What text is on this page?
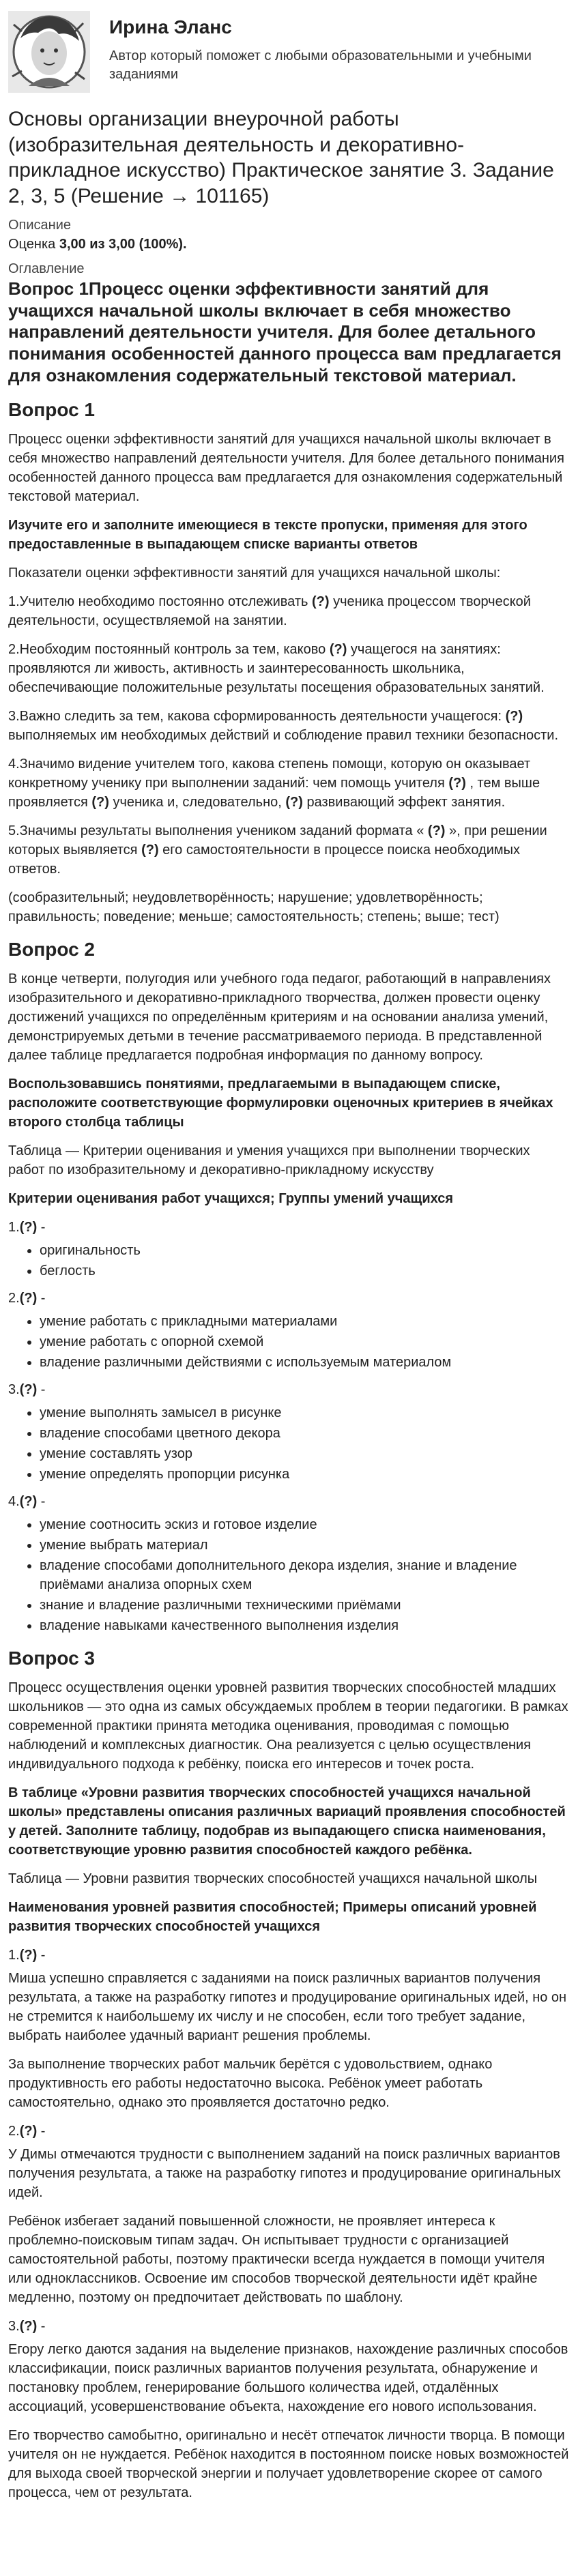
Ирина Эланс
Автор который поможет с любыми образовательными и учебными заданиями
Основы организации внеурочной работы (изобразительная деятельность и декоративно-прикладное искусство) Практическое занятие 3. Задание 2, 3, 5 (Решение → 101165)
Описание
Оценка 3,00 из 3,00 (100%).
Оглавление
Вопрос 1Процесс оценки эффективности занятий для учащихся начальной школы включает в себя множество направлений деятельности учителя. Для более детального понимания особенностей данного процесса вам предлагается для ознакомления содержательный текстовой материал.
Вопрос 1

Процесс оценки эффективности занятий для учащихся начальной школы включает в себя множество направлений деятельности учителя. Для более детального понимания особенностей данного процесса вам предлагается для ознакомления содержательный текстовой материал.

Изучите его и заполните имеющиеся в тексте пропуски, применяя для этого предоставленные в выпадающем списке варианты ответов

Показатели оценки эффективности занятий для учащихся начальной школы:

1.Учителю необходимо постоянно отслеживать (?) ученика процессом творческой деятельности, осуществляемой на занятии.

2.Необходим постоянный контроль за тем, каково (?) учащегося на занятиях: проявляются ли живость, активность и заинтересованность школьника, обеспечивающие положительные результаты посещения образовательных занятий.

3.Важно следить за тем, какова сформированность деятельности учащегося: (?) выполняемых им необходимых действий и соблюдение правил техники безопасности.

4.Значимо видение учителем того, какова степень помощи, которую он оказывает конкретному ученику при выполнении заданий: чем помощь учителя (?) , тем выше проявляется (?) ученика и, следовательно, (?) развивающий эффект занятия.

5.Значимы результаты выполнения учеником заданий формата « (?) », при решении которых выявляется (?) его самостоятельности в процессе поиска необходимых ответов.

(сообразительный; неудовлетворённость; нарушение; удовлетворённость; правильность; поведение; меньше; самостоятельность; степень; выше; тест)

Вопрос 2

В конце четверти, полугодия или учебного года педагог, работающий в направлениях изобразительного и декоративно-прикладного творчества, должен провести оценку достижений учащихся по определённым критериям и на основании анализа умений, демонстрируемых детьми в течение рассматриваемого периода. В представленной далее таблице предлагается подробная информация по данному вопросу.

Воспользовавшись понятиями, предлагаемыми в выпадающем списке, расположите соответствующие формулировки оценочных критериев в ячейках второго столбца таблицы

Таблица — Критерии оценивания и умения учащихся при выполнении творческих работ по изобразительному и декоративно-прикладному искусству

Критерии оценивания работ учащихся; Группы умений учащихся

1.(?) -
• оригинальность
• беглость
2.(?) -
• умение работать с прикладными материалами
• умение работать с опорной схемой
• владение различными действиями с используемым материалом
3.(?) -
• умение выполнять замысел в рисунке
• владение способами цветного декора
• умение составлять узор
• умение определять пропорции рисунка
4.(?) -
• умение соотносить эскиз и готовое изделие
• умение выбрать материал
• владение способами дополнительного декора изделия, знание и владение приёмами анализа опорных схем
• знание и владение различными техническими приёмами
• владение навыками качественного выполнения изделия
Вопрос 3

Процесс осуществления оценки уровней развития творческих способностей младших школьников — это одна из самых обсуждаемых проблем в теории педагогики. В рамках современной практики принята методика оценивания, проводимая с помощью наблюдений и комплексных диагностик. Она реализуется с целью осуществления индивидуального подхода к ребёнку, поиска его интересов и точек роста.

В таблице «Уровни развития творческих способностей учащихся начальной школы» представлены описания различных вариаций проявления способностей у детей. Заполните таблицу, подобрав из выпадающего списка наименования, соответствующие уровню развития способностей каждого ребёнка.

Таблица — Уровни развития творческих способностей учащихся начальной школы

Наименования уровней развития способностей; Примеры описаний уровней развития творческих способностей учащихся

1.(?) -

Миша успешно справляется с заданиями на поиск различных вариантов получения результата, а также на разработку гипотез и продуцирование оригинальных идей, но он не стремится к наибольшему их числу и не способен, если того требует задание, выбрать наиболее удачный вариант решения проблемы.

За выполнение творческих работ мальчик берётся с удовольствием, однако продуктивность его работы недостаточно высока. Ребёнок умеет работать самостоятельно, однако это проявляется достаточно редко.

2.(?) -

У Димы отмечаются трудности с выполнением заданий на поиск различных вариантов получения результата, а также на разработку гипотез и продуцирование оригинальных идей.

Ребёнок избегает заданий повышенной сложности, не проявляет интереса к проблемно-поисковым типам задач. Он испытывает трудности с организацией самостоятельной работы, поэтому практически всегда нуждается в помощи учителя или одноклассников. Освоение им способов творческой деятельности идёт крайне медленно, поэтому он предпочитает действовать по шаблону.

3.(?) -

Егору легко даются задания на выделение признаков, нахождение различных способов классификации, поиск различных вариантов получения результата, обнаружение и постановку проблем, генерирование большого количества идей, отдалённых ассоциаций, усовершенствование объекта, нахождение его нового использования.

Его творчество самобытно, оригинально и несёт отпечаток личности творца. В помощи учителя он не нуждается. Ребёнок находится в постоянном поиске новых возможностей для выхода своей творческой энергии и получает удовлетворение скорее от самого процесса, чем от результата.
